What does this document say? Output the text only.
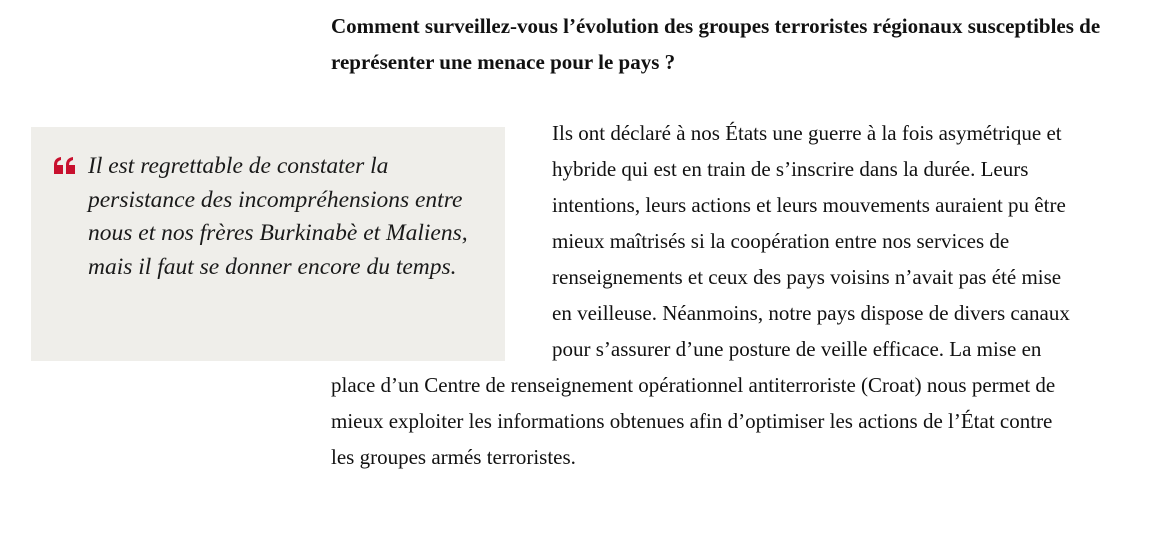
Comment surveillez-vous l’évolution des groupes terroristes régionaux susceptibles de représenter une menace pour le pays ?

Il est regrettable de constater la persistance des incompréhensions entre nous et nos frères Burkinabè et Maliens, mais il faut se donner encore du temps.

Ils ont déclaré à nos États une guerre à la fois asymétrique et hybride qui est en train de s’inscrire dans la durée. Leurs intentions, leurs actions et leurs mouvements auraient pu être mieux maîtrisés si la coopération entre nos services de renseignements et ceux des pays voisins n’avait pas été mise en veilleuse. Néanmoins, notre pays dispose de divers canaux pour s’assurer d’une posture de veille efficace. La mise en place d’un Centre de renseignement opérationnel antiterroriste (Croat) nous permet de mieux exploiter les informations obtenues afin d’optimiser les actions de l’État contre les groupes armés terroristes.
